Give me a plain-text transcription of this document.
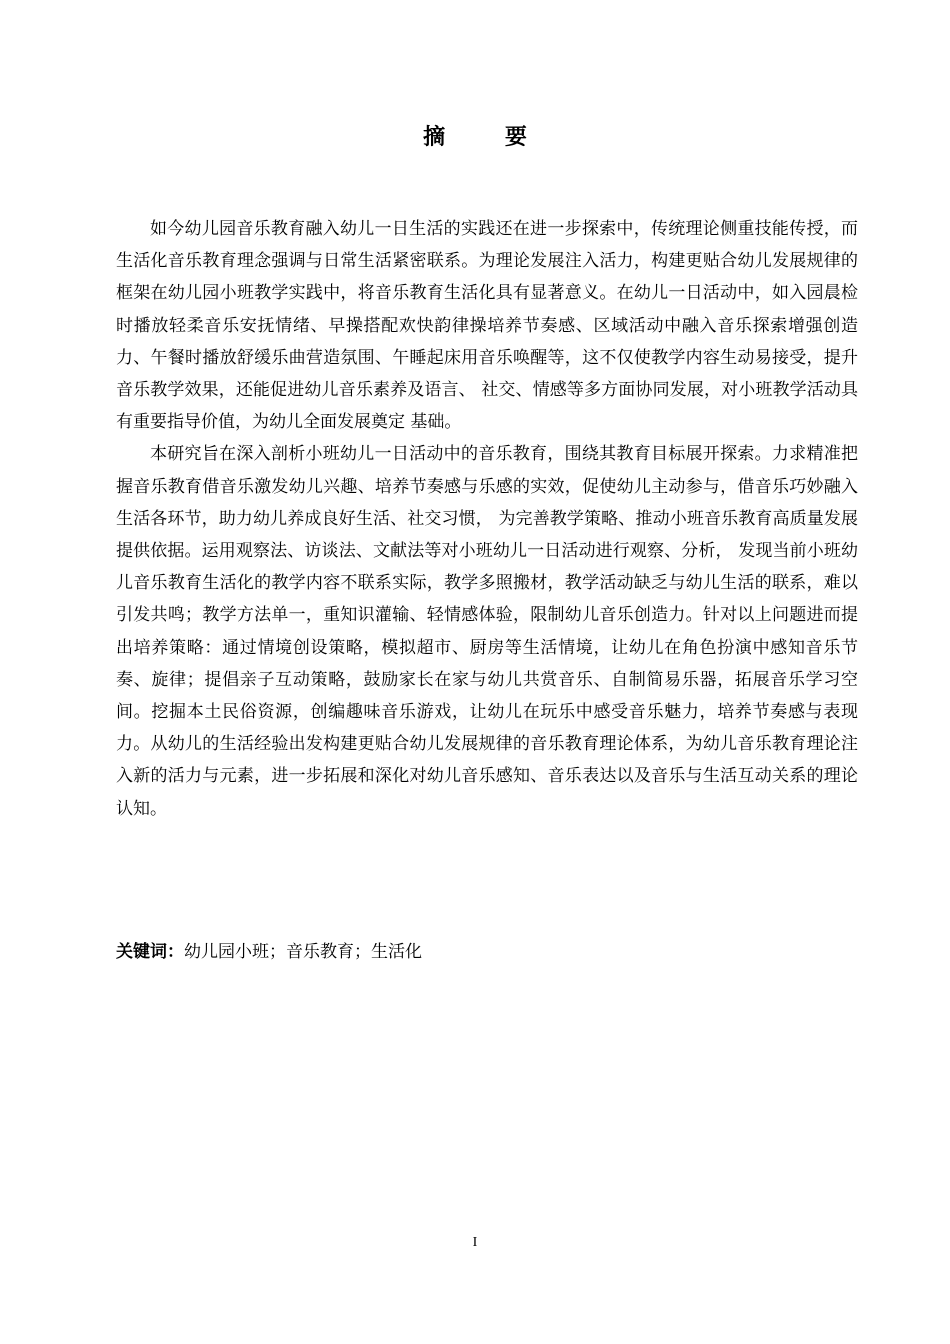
摘 要

如今幼儿园音乐教育融入幼儿一日生活的实践还在进一步探索中，传统理论侧重技能传授，而生活化音乐教育理念强调与日常生活紧密联系。为理论发展注入活力，构建更贴合幼儿发展规律的框架在幼儿园小班教学实践中，将音乐教育生活化具有显著意义。在幼儿一日活动中，如入园晨检时播放轻柔音乐安抚情绪、早操搭配欢快韵律操培养节奏感、区域活动中融入音乐探索增强创造力、午餐时播放舒缓乐曲营造氛围、午睡起床用音乐唤醒等，这不仅使教学内容生动易接受，提升音乐教学效果，还能促进幼儿音乐素养及语言、 社交、情感等多方面协同发展，对小班教学活动具有重要指导价值，为幼儿全面发展奠定 基础。

本研究旨在深入剖析小班幼儿一日活动中的音乐教育，围绕其教育目标展开探索。力求精准把握音乐教育借音乐激发幼儿兴趣、培养节奏感与乐感的实效，促使幼儿主动参与，借音乐巧妙融入生活各环节，助力幼儿养成良好生活、社交习惯， 为完善教学策略、推动小班音乐教育高质量发展提供依据。运用观察法、访谈法、文献法等对小班幼儿一日活动进行观察、分析， 发现当前小班幼儿音乐教育生活化的教学内容不联系实际，教学多照搬材，教学活动缺乏与幼儿生活的联系，难以引发共鸣；教学方法单一，重知识灌输、轻情感体验，限制幼儿音乐创造力。针对以上问题进而提出培养策略：通过情境创设策略，模拟超市、厨房等生活情境，让幼儿在角色扮演中感知音乐节奏、旋律；提倡亲子互动策略，鼓励家长在家与幼儿共赏音乐、自制简易乐器，拓展音乐学习空间。挖掘本土民俗资源，创编趣味音乐游戏，让幼儿在玩乐中感受音乐魅力，培养节奏感与表现力。从幼儿的生活经验出发构建更贴合幼儿发展规律的音乐教育理论体系，为幼儿音乐教育理论注入新的活力与元素，进一步拓展和深化对幼儿音乐感知、音乐表达以及音乐与生活互动关系的理论认知。

关键词：幼儿园小班；音乐教育；生活化
I
